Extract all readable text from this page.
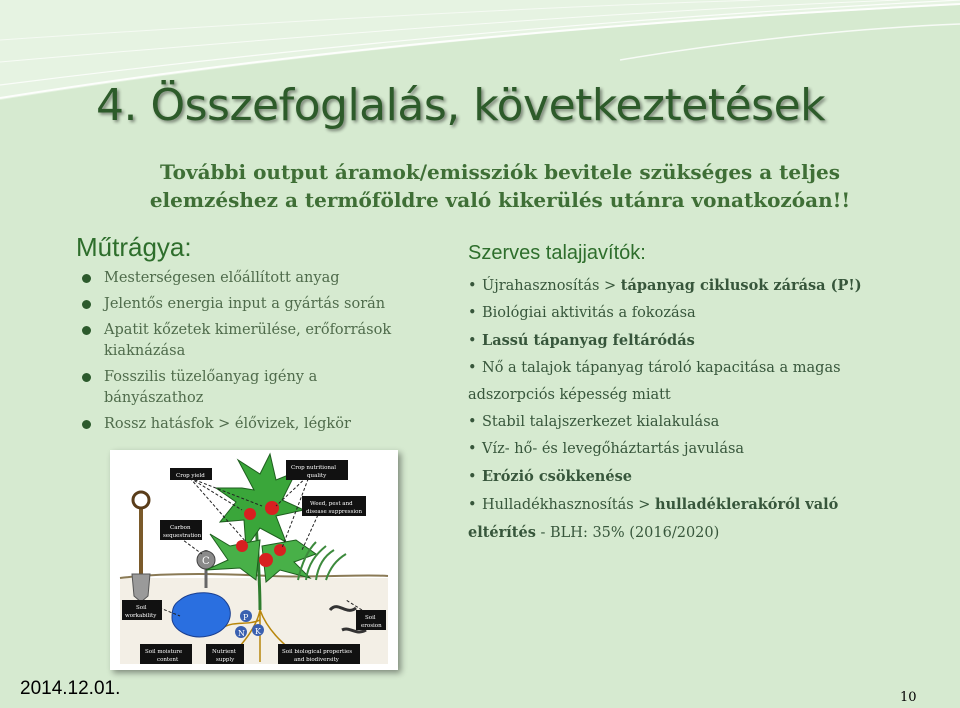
4. Összefoglalás, következtetések

További output áramok/emissziók bevitele szükséges a teljes elemzéshez a termőföldre való kikerülés utánra vonatkozóan!!

Műtrágya:
Mesterségesen előállított anyag
Jelentős energia input a gyártás során
Apatit kőzetek kimerülése, erőforrások kiaknázása
Fosszilis tüzelőanyag igény a bányászathoz
Rossz hatásfok > élővizek, légkör
Szerves talajjavítók:
• Újrahasznosítás > tápanyag ciklusok zárása (P!)
• Biológiai aktivitás a fokozása
• Lassú tápanyag feltáródás
• Nő a talajok tápanyag tároló kapacitása a magas
adszorpciós képesség miatt
• Stabil talajszerkezet kialakulása
• Víz- hő- és levegőháztartás javulása
• Erózió csökkenése
• Hulladékhasznosítás > hulladéklerakóról való
eltérítés - BLH: 35% (2016/2020)
C
P
N K
Crop yield
Crop nutritional
quality
Weed, pest and
disease suppression
Carbon
sequestration
Soil
workability	Soil
erosion
Soil moisture
content
Nutrient
supply
Soil biological properties
and biodiversity
2014.12.01.	10
